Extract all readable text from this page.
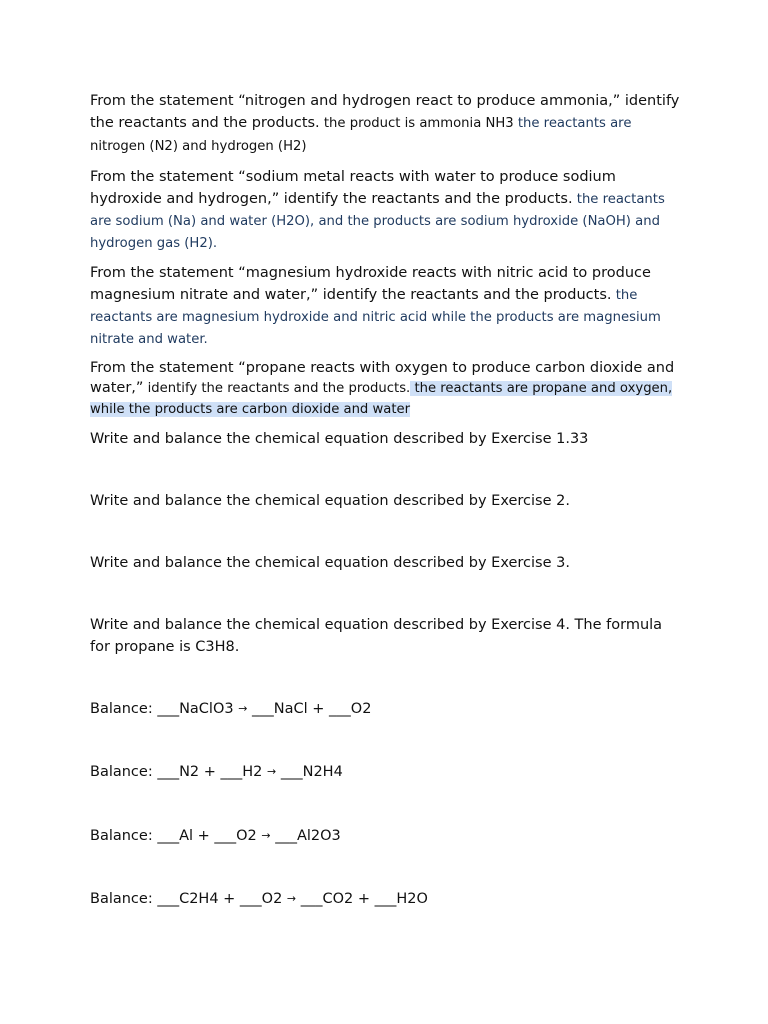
From the statement “nitrogen and hydrogen react to produce ammonia,” identify the reactants and the products. the product is ammonia NH3 the reactants are nitrogen (N2) and hydrogen (H2)

From the statement “sodium metal reacts with water to produce sodium hydroxide and hydrogen,” identify the reactants and the products. the reactants are sodium (Na) and water (H2O), and the products are sodium hydroxide (NaOH) and hydrogen gas (H2).

From the statement “magnesium hydroxide reacts with nitric acid to produce magnesium nitrate and water,” identify the reactants and the products. the reactants are magnesium hydroxide and nitric acid while the products are magnesium nitrate and water.

From the statement “propane reacts with oxygen to produce carbon dioxide and water,” identify the reactants and the products. the reactants are propane and oxygen, while the products are carbon dioxide and water

Write and balance the chemical equation described by Exercise 1.33

Write and balance the chemical equation described by Exercise 2.

Write and balance the chemical equation described by Exercise 3.

Write and balance the chemical equation described by Exercise 4. The formula for propane is C3H8.

Balance: ___NaClO3 → ___NaCl + ___O2

Balance: ___N2 + ___H2 → ___N2H4

Balance: ___Al + ___O2 → ___Al2O3

Balance: ___C2H4 + ___O2 → ___CO2 + ___H2O
